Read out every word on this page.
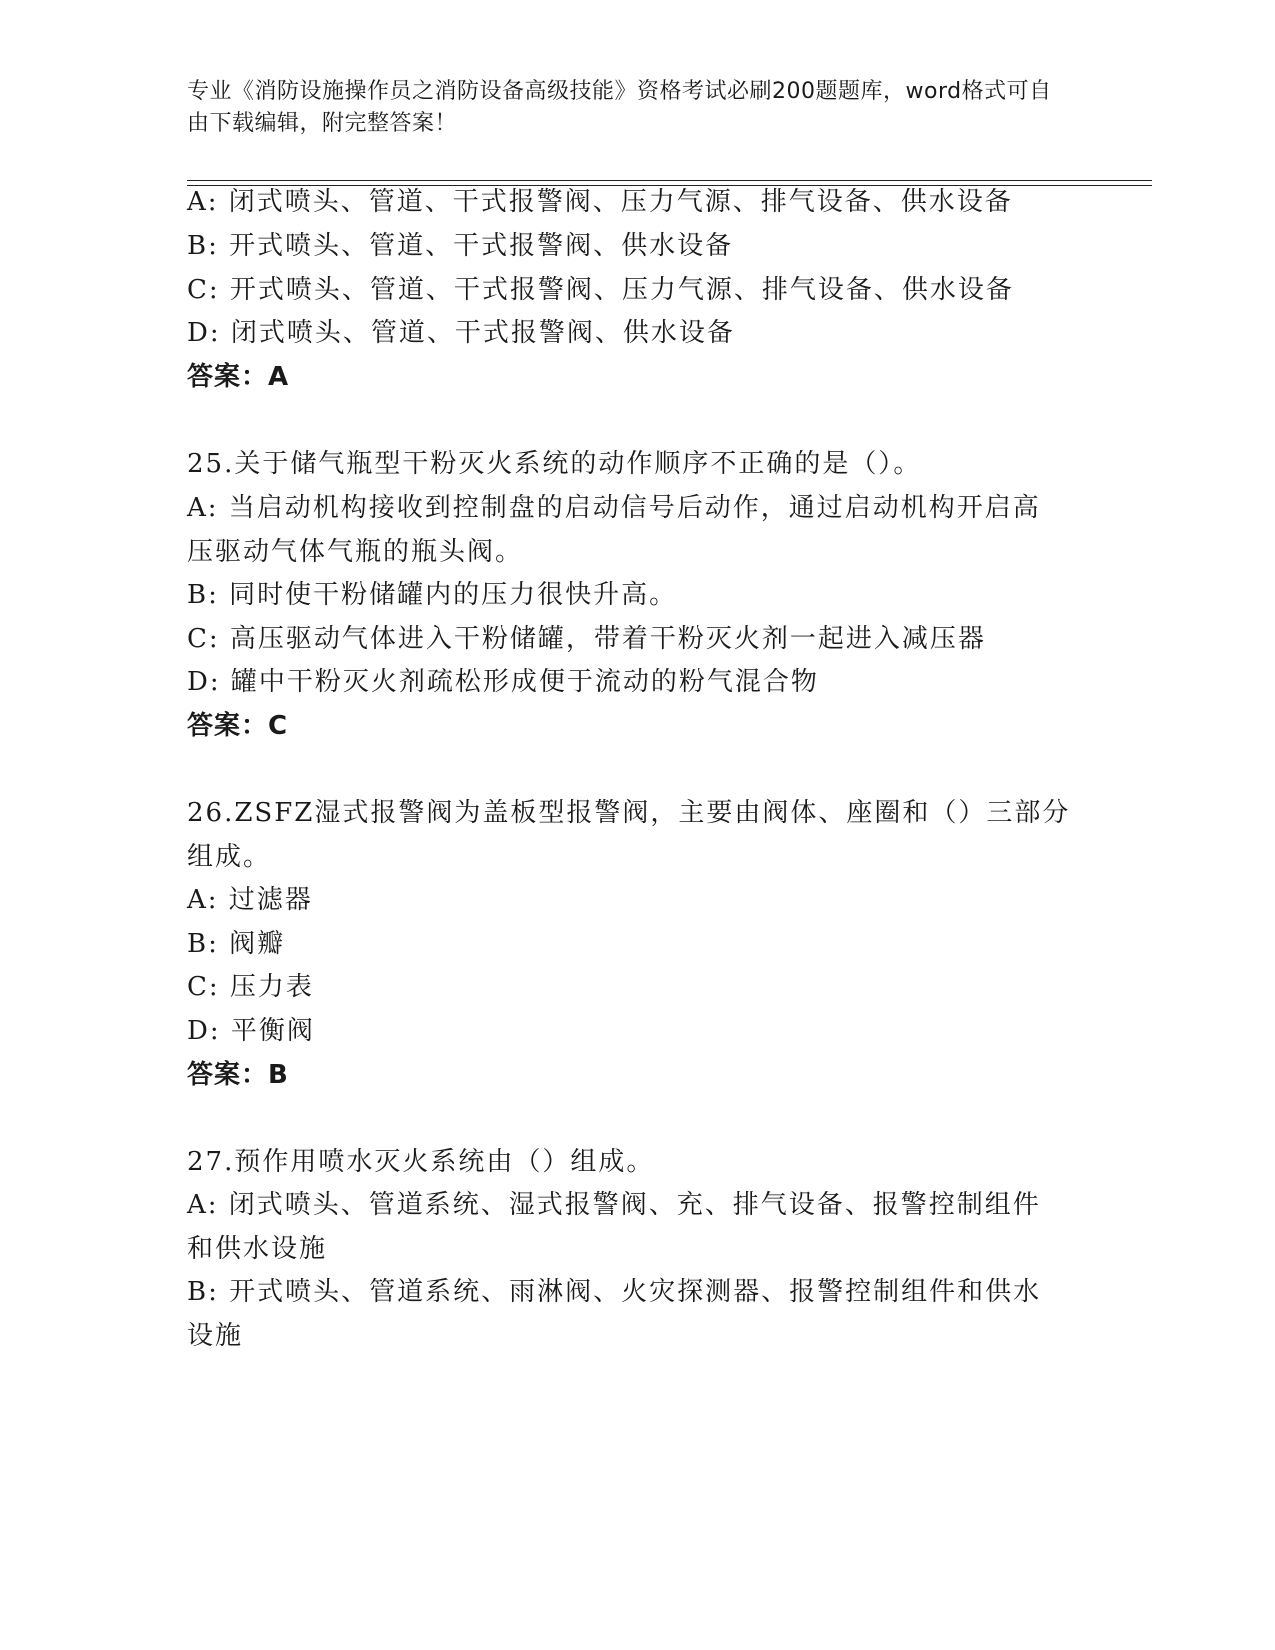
专业《消防设施操作员之消防设备高级技能》资格考试必刷200题题库，word格式可自由下载编辑，附完整答案！
A: 闭式喷头、管道、干式报警阀、压力气源、排气设备、供水设备
B: 开式喷头、管道、干式报警阀、供水设备
C: 开式喷头、管道、干式报警阀、压力气源、排气设备、供水设备
D: 闭式喷头、管道、干式报警阀、供水设备
答案：A
25.关于储气瓶型干粉灭火系统的动作顺序不正确的是（）。
A: 当启动机构接收到控制盘的启动信号后动作，通过启动机构开启高
压驱动气体气瓶的瓶头阀。
B: 同时使干粉储罐内的压力很快升高。
C: 高压驱动气体进入干粉储罐，带着干粉灭火剂一起进入减压器
D: 罐中干粉灭火剂疏松形成便于流动的粉气混合物
答案：C
26.ZSFZ湿式报警阀为盖板型报警阀，主要由阀体、座圈和（）三部分
组成。
A: 过滤器
B: 阀瓣
C: 压力表
D: 平衡阀
答案：B
27.预作用喷水灭火系统由（）组成。
A: 闭式喷头、管道系统、湿式报警阀、充、排气设备、报警控制组件
和供水设施
B: 开式喷头、管道系统、雨淋阀、火灾探测器、报警控制组件和供水
设施
